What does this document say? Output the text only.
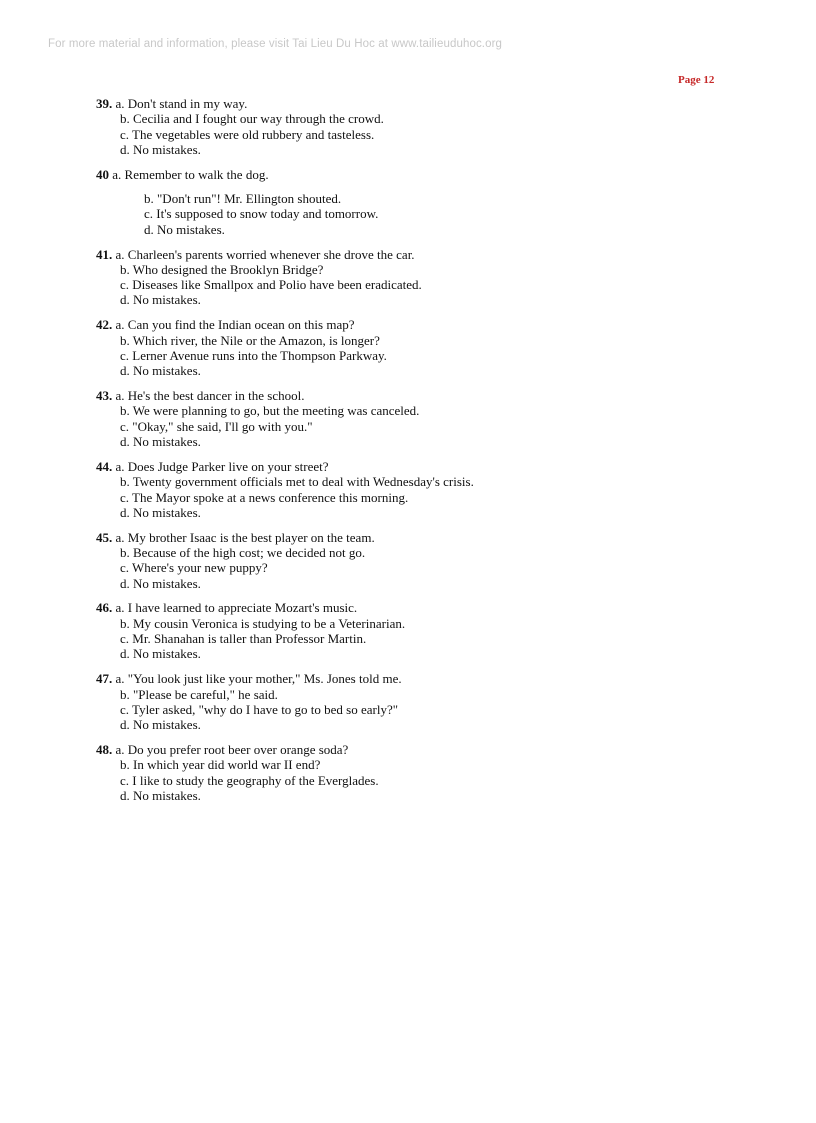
For more material and information, please visit Tai Lieu Du Hoc at www.tailieuduhoc.org
Page 12
39. a. Don't stand in my way.
b. Cecilia and I fought our way through the crowd.
c. The vegetables were old rubbery and tasteless.
d. No mistakes.
40 a. Remember to walk the dog.
b. "Don't run"! Mr. Ellington shouted.
c. It's supposed to snow today and tomorrow.
d. No mistakes.
41. a. Charleen's parents worried whenever she drove the car.
b. Who designed the Brooklyn Bridge?
c. Diseases like Smallpox and Polio have been eradicated.
d. No mistakes.
42. a. Can you find the Indian ocean on this map?
b. Which river, the Nile or the Amazon, is longer?
c. Lerner Avenue runs into the Thompson Parkway.
d. No mistakes.
43. a. He's the best dancer in the school.
b. We were planning to go, but the meeting was canceled.
c. "Okay," she said, I'll go with you."
d. No mistakes.
44. a. Does Judge Parker live on your street?
b. Twenty government officials met to deal with Wednesday's crisis.
c. The Mayor spoke at a news conference this morning.
d. No mistakes.
45. a. My brother Isaac is the best player on the team.
b. Because of the high cost; we decided not go.
c. Where's your new puppy?
d. No mistakes.
46. a. I have learned to appreciate Mozart's music.
b. My cousin Veronica is studying to be a Veterinarian.
c. Mr. Shanahan is taller than Professor Martin.
d. No mistakes.
47. a. "You look just like your mother," Ms. Jones told me.
b. "Please be careful," he said.
c. Tyler asked, "why do I have to go to bed so early?"
d. No mistakes.
48. a. Do you prefer root beer over orange soda?
b. In which year did world war II end?
c. I like to study the geography of the Everglades.
d. No mistakes.
